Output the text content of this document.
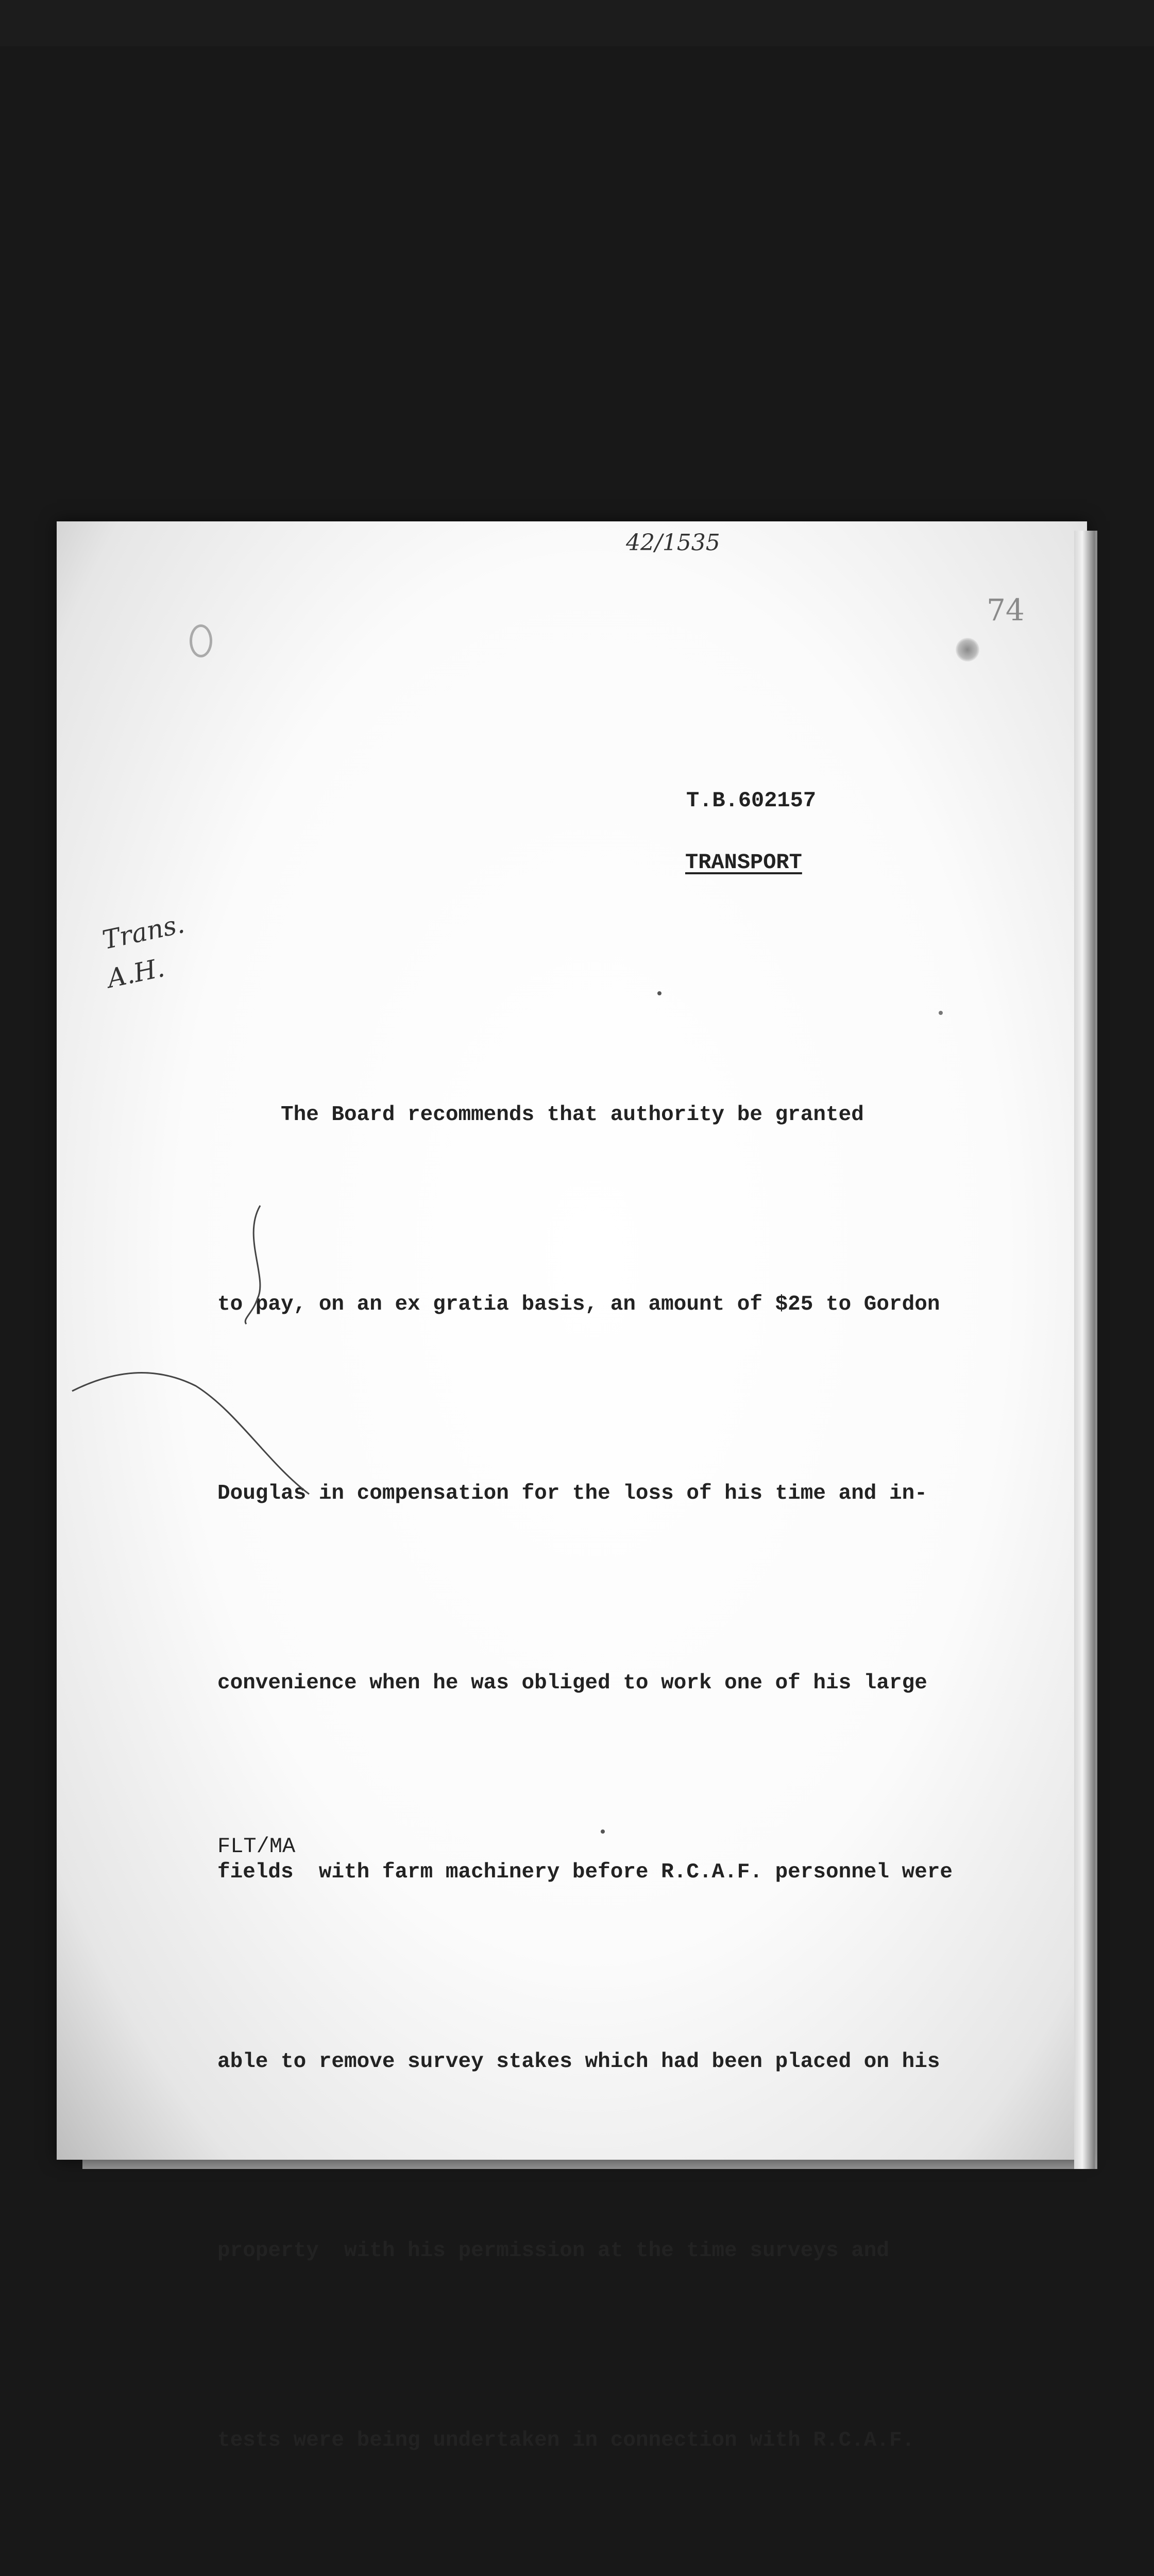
42/1535

74

T.B.602157

TRANSPORT

Trans.

A.H.

The Board recommends that authority be granted

to pay, on an ex gratia basis, an amount of $25 to Gordon

Douglas in compensation for the loss of his time and in-

convenience when he was obliged to work one of his large

fields  with farm machinery before R.C.A.F. personnel were

able to remove survey stakes which had been placed on his

property  with his permission at the time surveys and

tests were being undertaken in connection with R.C.A.F.

FLT/MA
